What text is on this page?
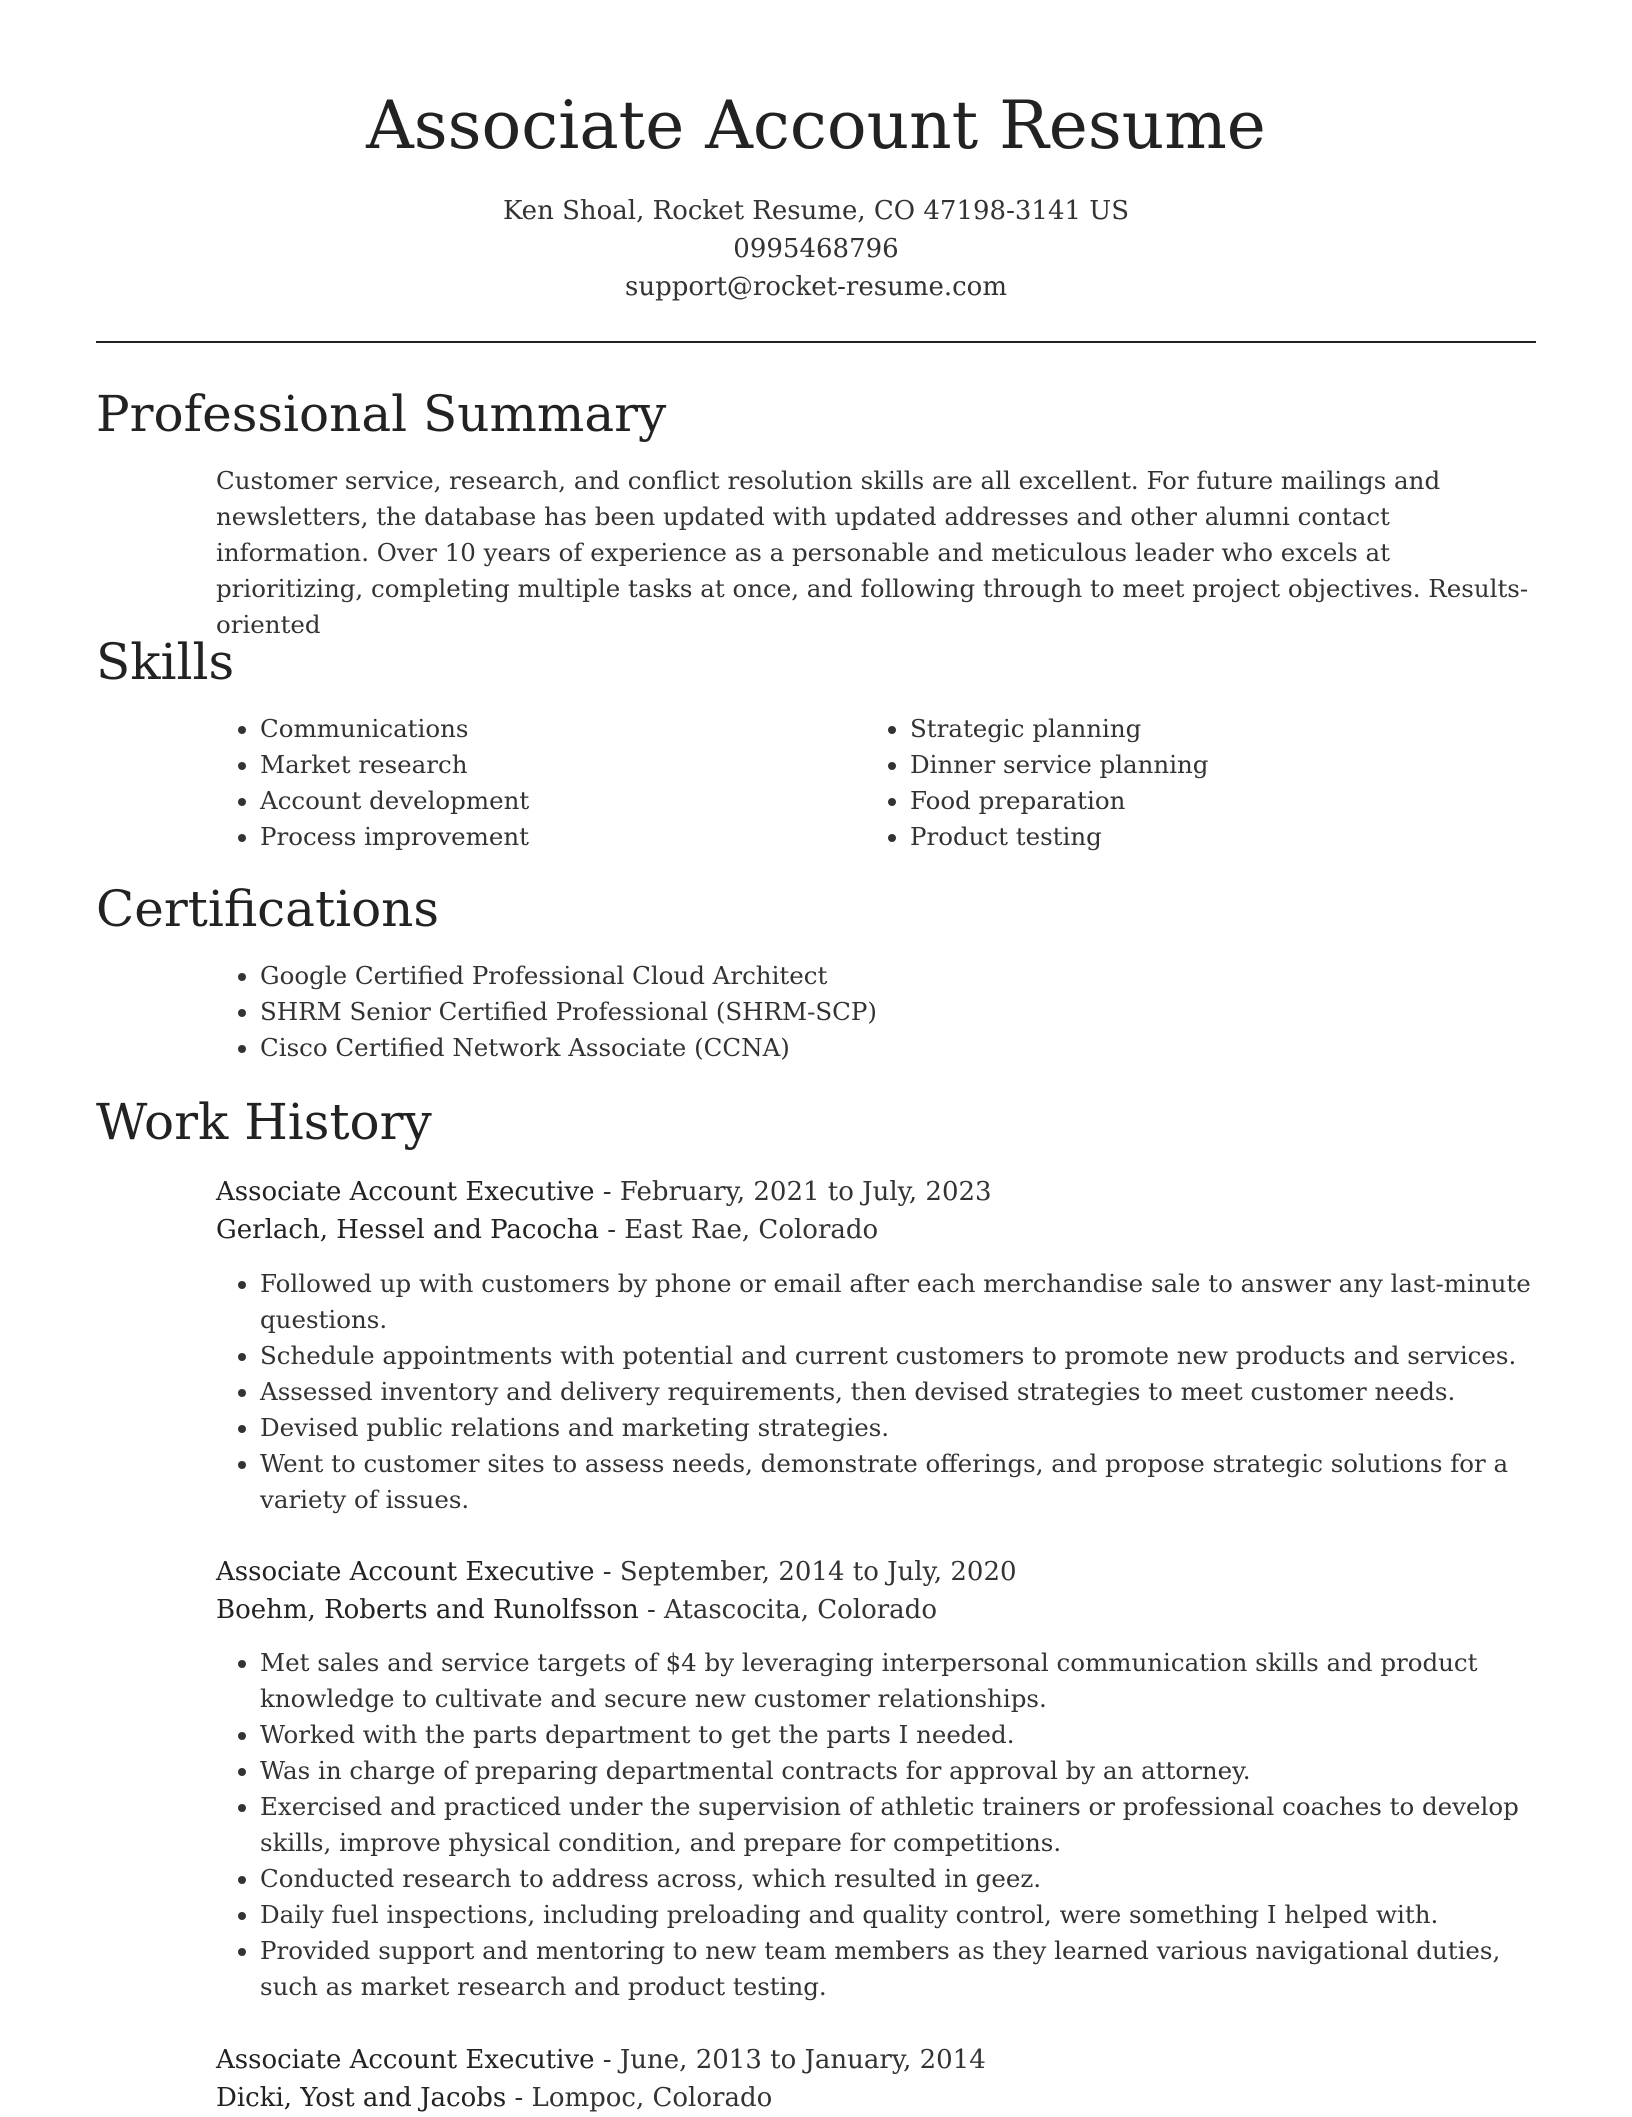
Associate Account Resume
Ken Shoal, Rocket Resume, CO 47198-3141 US
0995468796
support@rocket-resume.com
Professional Summary
Customer service, research, and conflict resolution skills are all excellent. For future mailings and newsletters, the database has been updated with updated addresses and other alumni contact information. Over 10 years of experience as a personable and meticulous leader who excels at prioritizing, completing multiple tasks at once, and following through to meet project objectives. Results-oriented
Skills
• Communications
• Market research
• Account development
• Process improvement
• Strategic planning
• Dinner service planning
• Food preparation
• Product testing
Certifications
• Google Certified Professional Cloud Architect
• SHRM Senior Certified Professional (SHRM-SCP)
• Cisco Certified Network Associate (CCNA)
Work History
Associate Account Executive - February, 2021 to July, 2023
Gerlach, Hessel and Pacocha - East Rae, Colorado
• Followed up with customers by phone or email after each merchandise sale to answer any last-minute questions.
• Schedule appointments with potential and current customers to promote new products and services.
• Assessed inventory and delivery requirements, then devised strategies to meet customer needs.
• Devised public relations and marketing strategies.
• Went to customer sites to assess needs, demonstrate offerings, and propose strategic solutions for a variety of issues.
Associate Account Executive - September, 2014 to July, 2020
Boehm, Roberts and Runolfsson - Atascocita, Colorado
• Met sales and service targets of $4 by leveraging interpersonal communication skills and product knowledge to cultivate and secure new customer relationships.
• Worked with the parts department to get the parts I needed.
• Was in charge of preparing departmental contracts for approval by an attorney.
• Exercised and practiced under the supervision of athletic trainers or professional coaches to develop skills, improve physical condition, and prepare for competitions.
• Conducted research to address across, which resulted in geez.
• Daily fuel inspections, including preloading and quality control, were something I helped with.
• Provided support and mentoring to new team members as they learned various navigational duties, such as market research and product testing.
Associate Account Executive - June, 2013 to January, 2014
Dicki, Yost and Jacobs - Lompoc, Colorado
